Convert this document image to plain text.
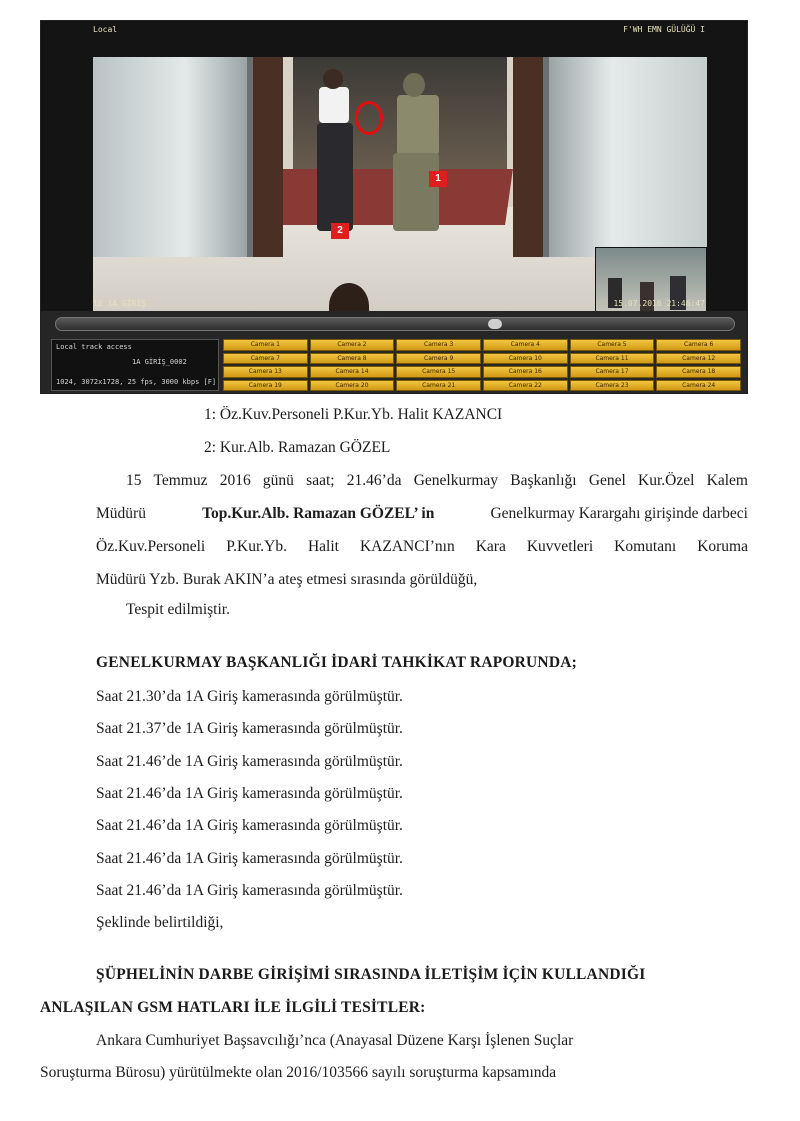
Local	F'WH EMN GÜLÜĞÜ I
1
2
1E 1A GİRİŞ	15.07.2016 21:46:47
Local track access
1A GİRİŞ_0002
1024, 3072x1728, 25 fps, 3000 kbps [F]
Camera 1	Camera 2	Camera 3	Camera 4	Camera 5	Camera 6
Camera 7	Camera 8	Camera 9	Camera 10	Camera 11	Camera 12
Camera 13	Camera 14	Camera 15	Camera 16	Camera 17	Camera 18
Camera 19	Camera 20	Camera 21	Camera 22	Camera 23	Camera 24
1: Öz.Kuv.Personeli P.Kur.Yb. Halit KAZANCI
2: Kur.Alb. Ramazan GÖZEL
15 Temmuz 2016 günü saat; 21.46’da Genelkurmay Başkanlığı Genel Kur.Özel Kalem
Müdürü	Top.Kur.Alb. Ramazan GÖZEL’ in	Genelkurmay Karargahı girişinde darbeci
Öz.Kuv.Personeli P.Kur.Yb. Halit KAZANCI’nın Kara Kuvvetleri Komutanı Koruma
Müdürü Yzb. Burak AKIN’a ateş etmesi sırasında görüldüğü,
Tespit edilmiştir.
GENELKURMAY BAŞKANLIĞI İDARİ TAHKİKAT RAPORUNDA;
Saat 21.30’da 1A Giriş kamerasında görülmüştür.
Saat 21.37’de 1A Giriş kamerasında görülmüştür.
Saat 21.46’de 1A Giriş kamerasında görülmüştür.
Saat 21.46’da 1A Giriş kamerasında görülmüştür.
Saat 21.46’da 1A Giriş kamerasında görülmüştür.
Saat 21.46’da 1A Giriş kamerasında görülmüştür.
Saat 21.46’da 1A Giriş kamerasında görülmüştür.
Şeklinde belirtildiği,
ŞÜPHELİNİN DARBE GİRİŞİMİ SIRASINDA İLETİŞİM İÇİN KULLANDIĞI
ANLAŞILAN GSM HATLARI İLE İLGİLİ TESİTLER:
Ankara Cumhuriyet Başsavcılığı’nca (Anayasal Düzene Karşı İşlenen Suçlar
Soruşturma Bürosu) yürütülmekte olan 2016/103566 sayılı soruşturma kapsamında
